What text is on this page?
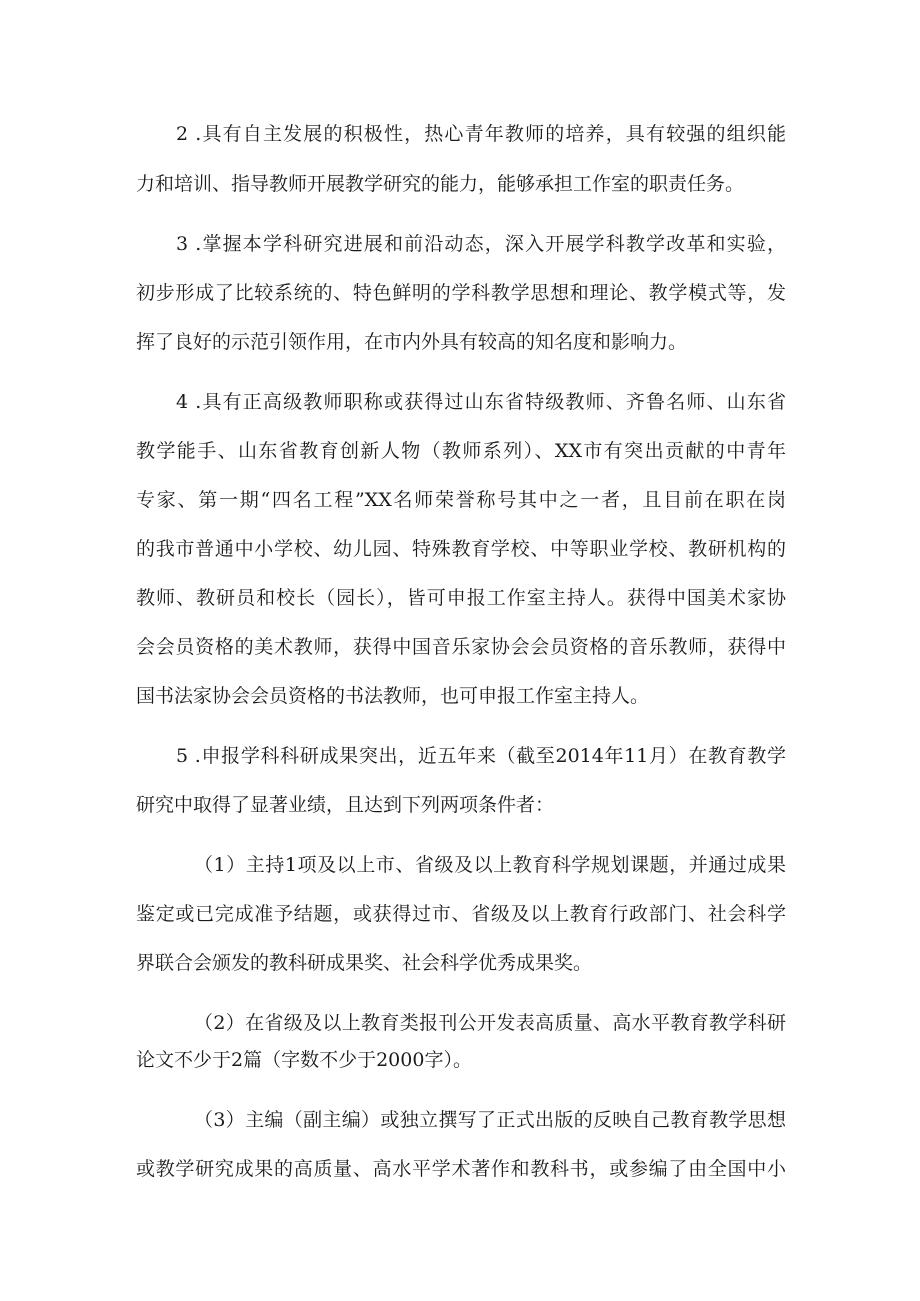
2 .具有自主发展的积极性，热心青年教师的培养，具有较强的组织能
力和培训、指导教师开展教学研究的能力，能够承担工作室的职责任务。
3 .掌握本学科研究进展和前沿动态，深入开展学科教学改革和实验，
初步形成了比较系统的、特色鲜明的学科教学思想和理论、教学模式等，发
挥了良好的示范引领作用，在市内外具有较高的知名度和影响力。
4 .具有正高级教师职称或获得过山东省特级教师、齐鲁名师、山东省
教学能手、山东省教育创新人物（教师系列）、XX市有突出贡献的中青年
专家、第一期“四名工程”XX名师荣誉称号其中之一者，且目前在职在岗
的我市普通中小学校、幼儿园、特殊教育学校、中等职业学校、教研机构的
教师、教研员和校长（园长），皆可申报工作室主持人。获得中国美术家协
会会员资格的美术教师，获得中国音乐家协会会员资格的音乐教师，获得中
国书法家协会会员资格的书法教师，也可申报工作室主持人。
5 .申报学科科研成果突出，近五年来（截至2014年11月）在教育教学
研究中取得了显著业绩，且达到下列两项条件者：
（1）主持1项及以上市、省级及以上教育科学规划课题，并通过成果
鉴定或已完成准予结题，或获得过市、省级及以上教育行政部门、社会科学
界联合会颁发的教科研成果奖、社会科学优秀成果奖。
（2）在省级及以上教育类报刊公开发表高质量、高水平教育教学科研
论文不少于2篇（字数不少于2000字）。
（3）主编（副主编）或独立撰写了正式出版的反映自己教育教学思想
或教学研究成果的高质量、高水平学术著作和教科书，或参编了由全国中小
